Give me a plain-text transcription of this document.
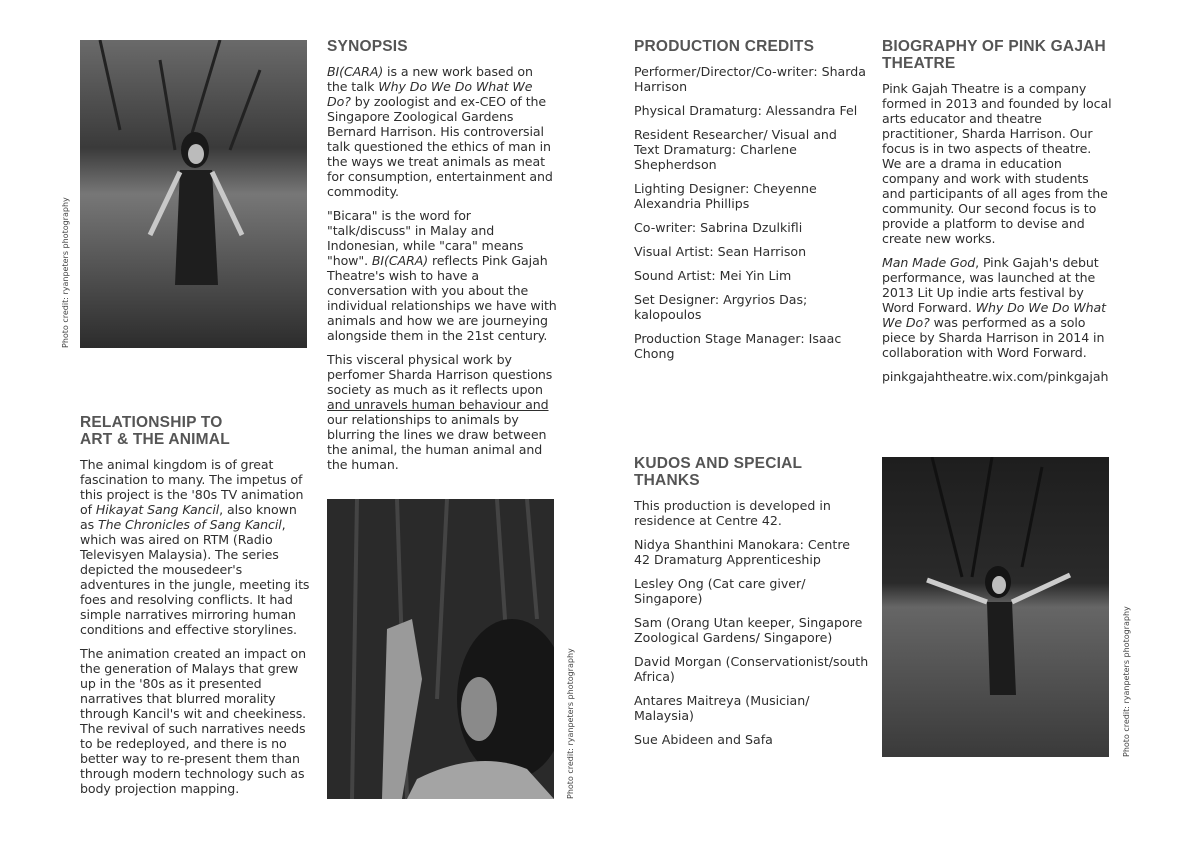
Photo credit: ryanpeters photography
SYNOPSIS

BI(CARA) is a new work based on the talk Why Do We Do What We Do? by zoologist and ex-CEO of the Singapore Zoological Gardens Bernard Harrison. His controversial talk questioned the ethics of man in the ways we treat animals as meat for consumption, entertainment and commodity.

"Bicara" is the word for "talk/discuss" in Malay and Indonesian, while "cara" means "how". BI(CARA) reflects Pink Gajah Theatre's wish to have a conversation with you about the individual relationships we have with animals and how we are journeying alongside them in the 21st century.

This visceral physical work by perfomer Sharda Harrison questions society as much as it reflects upon and unravels human behaviour and our relationships to animals by blurring the lines we draw between the animal, the human animal and the human.

RELATIONSHIP TO
ART & THE ANIMAL

The animal kingdom is of great fascination to many. The impetus of this project is the '80s TV animation of Hikayat Sang Kancil, also known as The Chronicles of Sang Kancil, which was aired on RTM (Radio Televisyen Malaysia). The series depicted the mousedeer's adventures in the jungle, meeting its foes and resolving conflicts. It had simple narratives mirroring human conditions and effective storylines.

The animation created an impact on the generation of Malays that grew up in the '80s as it presented narratives that blurred morality through Kancil's wit and cheekiness. The revival of such narratives needs to be redeployed, and there is no better way to re-present them than through modern technology such as body projection mapping.	Photo credit: ryanpeters photography
PRODUCTION CREDITS

Performer/Director/Co-writer: Sharda Harrison

Physical Dramaturg: Alessandra Fel

Resident Researcher/ Visual and Text Dramaturg: Charlene Shepherdson

Lighting Designer: Cheyenne Alexandria Phillips

Co-writer: Sabrina Dzulkifli

Visual Artist: Sean Harrison

Sound Artist: Mei Yin Lim

Set Designer: Argyrios Das; kalopoulos

Production Stage Manager: Isaac Chong

KUDOS AND SPECIAL THANKS

This production is developed in residence at Centre 42.

Nidya Shanthini Manokara: Centre 42 Dramaturg Apprenticeship

Lesley Ong (Cat care giver/ Singapore)

Sam (Orang Utan keeper, Singapore Zoological Gardens/ Singapore)

David Morgan (Conservationist/south Africa)

Antares Maitreya (Musician/ Malaysia)

Sue Abideen and Safa

BIOGRAPHY OF PINK GAJAH THEATRE

Pink Gajah Theatre is a company formed in 2013 and founded by local arts educator and theatre practitioner, Sharda Harrison. Our focus is in two aspects of theatre. We are a drama in education company and work with students and participants of all ages from the community. Our second focus is to provide a platform to devise and create new works.

Man Made God, Pink Gajah's debut performance, was launched at the 2013 Lit Up indie arts festival by Word Forward. Why Do We Do What We Do? was performed as a solo piece by Sharda Harrison in 2014 in collaboration with Word Forward.

pinkgajahtheatre.wix.com/pinkgajah

Photo credit: ryanpeters photography
